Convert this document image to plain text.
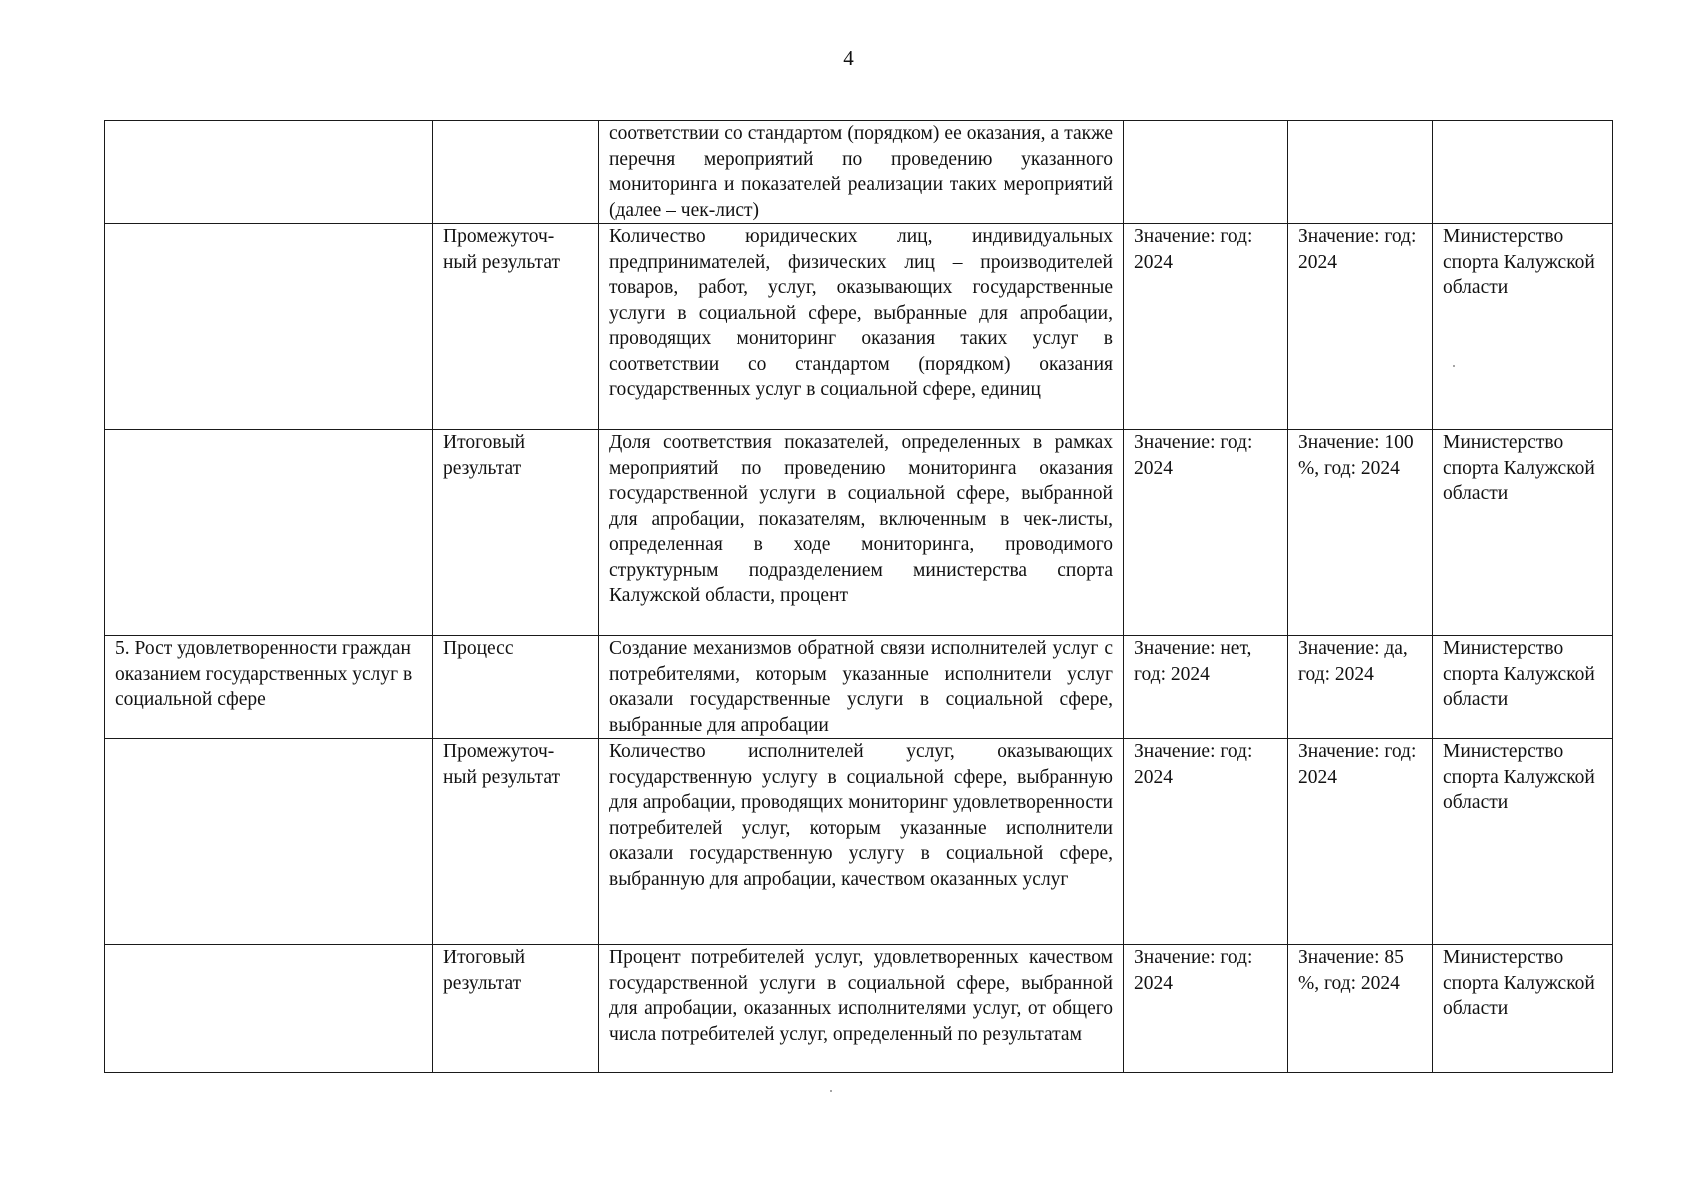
4

		соответствии со стандартом (порядком) ее оказания, а также перечня мероприятий по проведению указанного мониторинга и показателей реализации таких мероприятий (далее – чек-лист)			

	Промежуточ-ный результат	Количество юридических лиц, индивидуальных предпринимателей, физических лиц – производителей товаров, работ, услуг, оказывающих государственные услуги в социальной сфере, выбранные для апробации, проводящих мониторинг оказания таких услуг в соответствии со стандартом (порядком) оказания государственных услуг в социальной сфере, единиц	Значение: год: 2024	Значение: год: 2024	Министерство спорта Калужской области

	Итоговый результат	Доля соответствия показателей, определенных в рамках мероприятий по проведению мониторинга оказания государственной услуги в социальной сфере, выбранной для апробации, показателям, включенным в чек-листы, определенная в ходе мониторинга, проводимого структурным подразделением министерства спорта Калужской области, процент	Значение: год: 2024	Значение: 100 %, год: 2024	Министерство спорта Калужской области

5. Рост удовлетворенности граждан оказанием государственных услуг в социальной сфере	Процесс	Создание механизмов обратной связи исполнителей услуг с потребителями, которым указанные исполнители услуг оказали государственные услуги в социальной сфере, выбранные для апробации	Значение: нет, год: 2024	Значение: да, год: 2024	Министерство спорта Калужской области

	Промежуточ-ный результат	Количество исполнителей услуг, оказывающих государственную услугу в социальной сфере, выбранную для апробации, проводящих мониторинг удовлетворенности потребителей услуг, которым указанные исполнители оказали государственную услугу в социальной сфере, выбранную для апробации, качеством оказанных услуг	Значение: год: 2024	Значение: год: 2024	Министерство спорта Калужской области

	Итоговый результат	Процент потребителей услуг, удовлетворенных качеством государственной услуги в социальной сфере, выбранной для апробации, оказанных исполнителями услуг, от общего числа потребителей услуг, определенный по результатам	Значение: год: 2024	Значение: 85 %, год: 2024	Министерство спорта Калужской области
